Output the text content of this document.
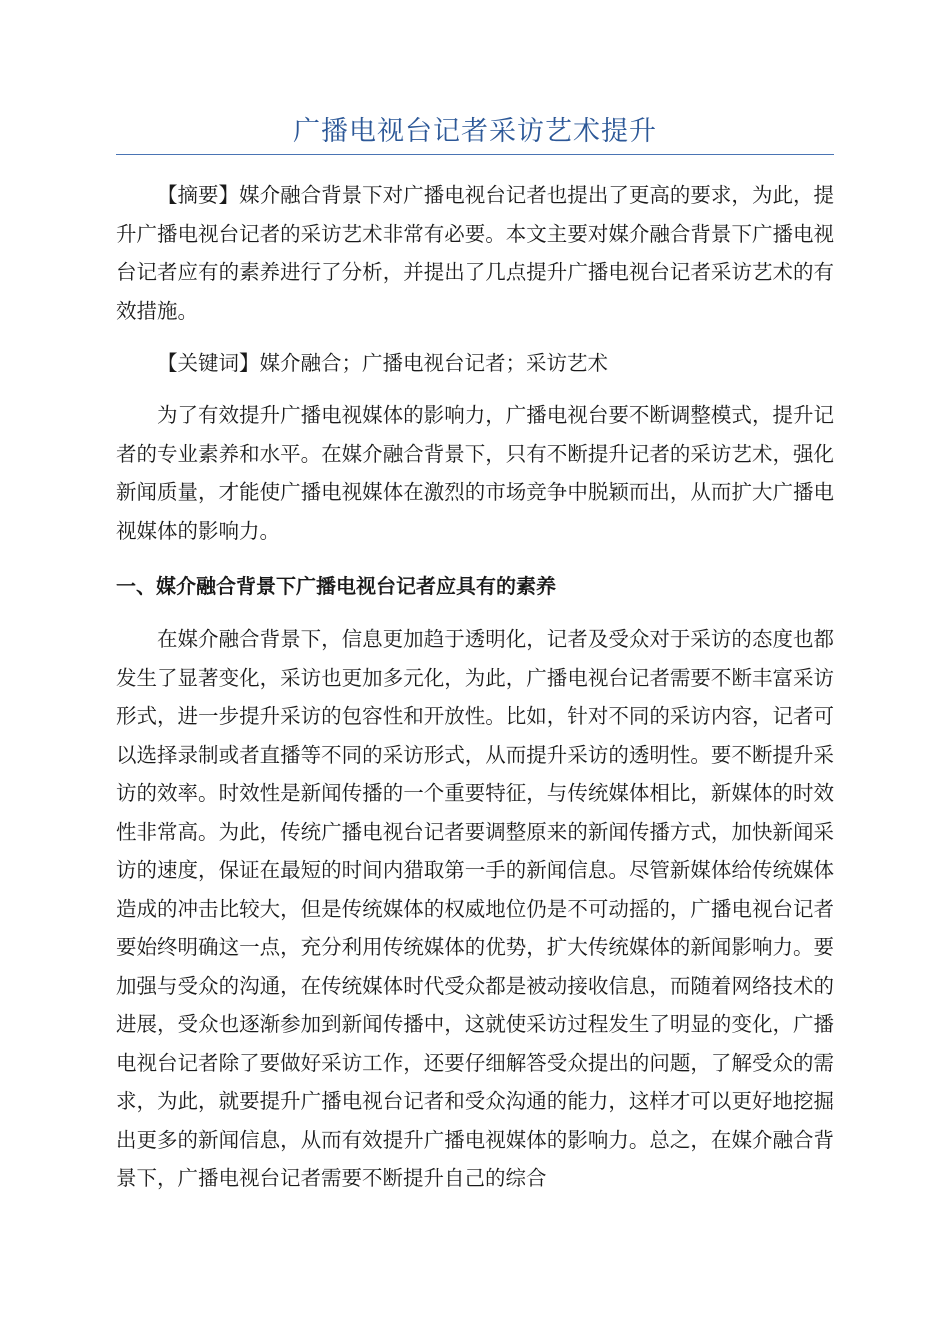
广播电视台记者采访艺术提升

【摘要】媒介融合背景下对广播电视台记者也提出了更高的要求，为此，提升广播电视台记者的采访艺术非常有必要。本文主要对媒介融合背景下广播电视台记者应有的素养进行了分析，并提出了几点提升广播电视台记者采访艺术的有效措施。

【关键词】媒介融合；广播电视台记者；采访艺术

为了有效提升广播电视媒体的影响力，广播电视台要不断调整模式，提升记者的专业素养和水平。在媒介融合背景下，只有不断提升记者的采访艺术，强化新闻质量，才能使广播电视媒体在激烈的市场竞争中脱颖而出，从而扩大广播电视媒体的影响力。

一、媒介融合背景下广播电视台记者应具有的素养

在媒介融合背景下，信息更加趋于透明化，记者及受众对于采访的态度也都发生了显著变化，采访也更加多元化，为此，广播电视台记者需要不断丰富采访形式，进一步提升采访的包容性和开放性。比如，针对不同的采访内容，记者可以选择录制或者直播等不同的采访形式，从而提升采访的透明性。要不断提升采访的效率。时效性是新闻传播的一个重要特征，与传统媒体相比，新媒体的时效性非常高。为此，传统广播电视台记者要调整原来的新闻传播方式，加快新闻采访的速度，保证在最短的时间内猎取第一手的新闻信息。尽管新媒体给传统媒体造成的冲击比较大，但是传统媒体的权威地位仍是不可动摇的，广播电视台记者要始终明确这一点，充分利用传统媒体的优势，扩大传统媒体的新闻影响力。要加强与受众的沟通，在传统媒体时代受众都是被动接收信息，而随着网络技术的进展，受众也逐渐参加到新闻传播中，这就使采访过程发生了明显的变化，广播电视台记者除了要做好采访工作，还要仔细解答受众提出的问题，了解受众的需求，为此，就要提升广播电视台记者和受众沟通的能力，这样才可以更好地挖掘出更多的新闻信息，从而有效提升广播电视媒体的影响力。总之，在媒介融合背景下，广播电视台记者需要不断提升自己的综合
